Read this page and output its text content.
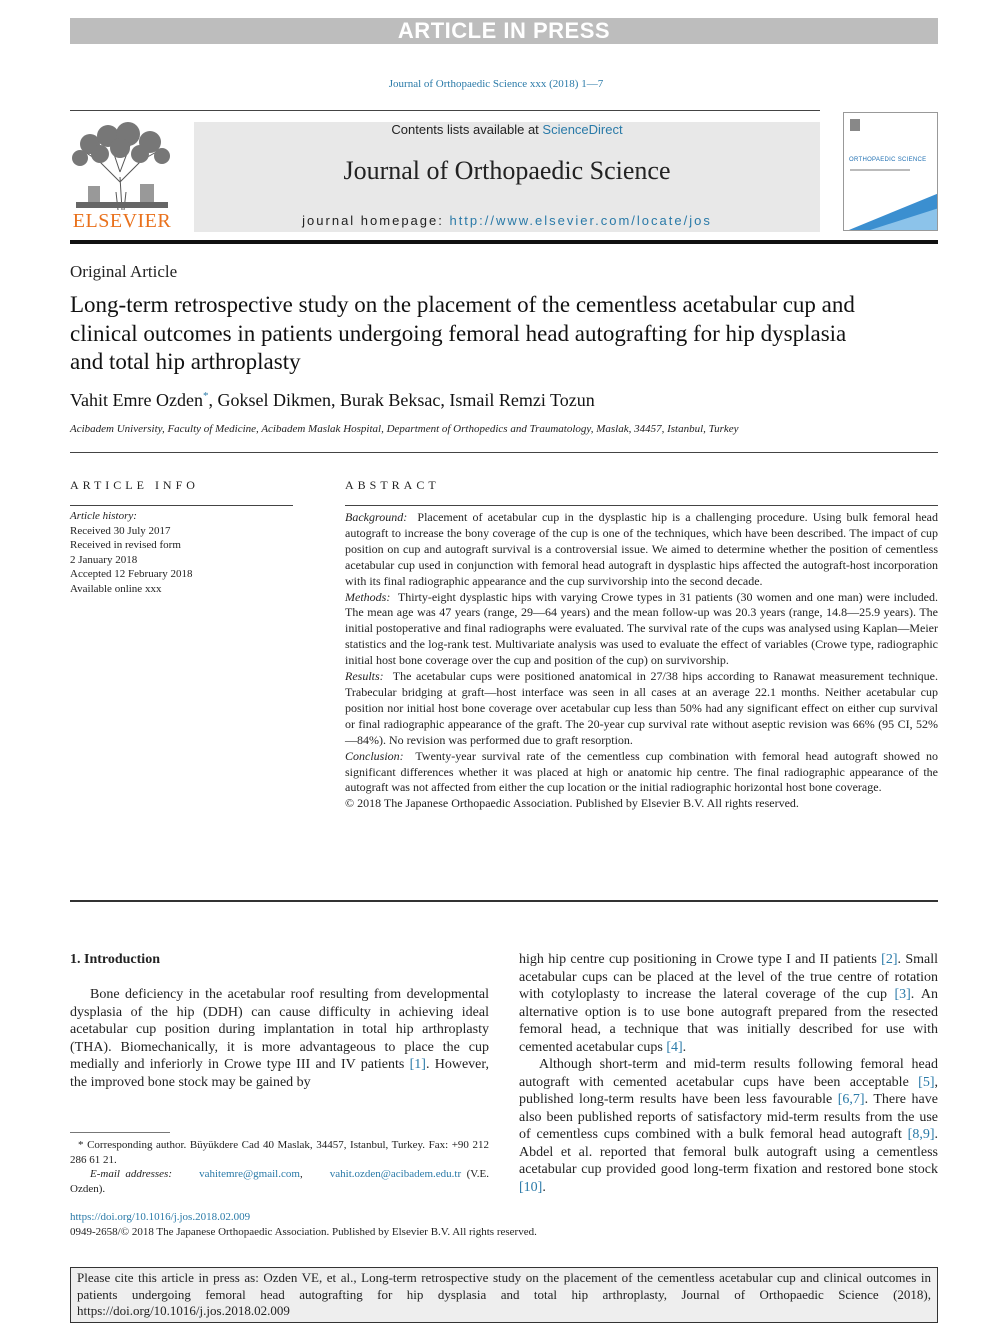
ARTICLE IN PRESS
Journal of Orthopaedic Science xxx (2018) 1—7
ELSEVIER
Contents lists available at ScienceDirect
Journal of Orthopaedic Science
journal homepage: http://www.elsevier.com/locate/jos
ORTHOPAEDIC SCIENCE
Original Article
Long-term retrospective study on the placement of the cementless acetabular cup and clinical outcomes in patients undergoing femoral head autografting for hip dysplasia and total hip arthroplasty
Vahit Emre Ozden*, Goksel Dikmen, Burak Beksac, Ismail Remzi Tozun
Acibadem University, Faculty of Medicine, Acibadem Maslak Hospital, Department of Orthopedics and Traumatology, Maslak, 34457, Istanbul, Turkey
ARTICLE INFO
Article history:
Received 30 July 2017
Received in revised form
2 January 2018
Accepted 12 February 2018
Available online xxx
ABSTRACT

Background: Placement of acetabular cup in the dysplastic hip is a challenging procedure. Using bulk femoral head autograft to increase the bony coverage of the cup is one of the techniques, which have been described. The impact of cup position on cup and autograft survival is a controversial issue. We aimed to determine whether the position of cementless acetabular cup used in conjunction with femoral head autograft in dysplastic hips affected the autograft-host incorporation with its final radiographic appearance and the cup survivorship into the second decade.

Methods: Thirty-eight dysplastic hips with varying Crowe types in 31 patients (30 women and one man) were included. The mean age was 47 years (range, 29—64 years) and the mean follow-up was 20.3 years (range, 14.8—25.9 years). The initial postoperative and final radiographs were evaluated. The survival rate of the cups was analysed using Kaplan—Meier statistics and the log-rank test. Multivariate analysis was used to evaluate the effect of variables (Crowe type, radiographic initial host bone coverage over the cup and position of the cup) on survivorship.

Results: The acetabular cups were positioned anatomical in 27/38 hips according to Ranawat measurement technique. Trabecular bridging at graft—host interface was seen in all cases at an average 22.1 months. Neither acetabular cup position nor initial host bone coverage over acetabular cup less than 50% had any significant effect on either cup survival or final radiographic appearance of the graft. The 20-year cup survival rate without aseptic revision was 66% (95 CI, 52%—84%). No revision was performed due to graft resorption.

Conclusion: Twenty-year survival rate of the cementless cup combination with femoral head autograft showed no significant differences whether it was placed at high or anatomic hip centre. The final radiographic appearance of the autograft was not affected from either the cup location or the initial radiographic horizontal host bone coverage.

© 2018 The Japanese Orthopaedic Association. Published by Elsevier B.V. All rights reserved.

1. Introduction

Bone deficiency in the acetabular roof resulting from developmental dysplasia of the hip (DDH) can cause difficulty in achieving ideal acetabular cup position during implantation in total hip arthroplasty (THA). Biomechanically, it is more advantageous to place the cup medially and inferiorly in Crowe type III and IV patients [1]. However, the improved bone stock may be gained by

* Corresponding author. Büyükdere Cad 40 Maslak, 34457, Istanbul, Turkey. Fax: +90 212 286 61 21.
E-mail addresses: vahitemre@gmail.com,     vahit.ozden@acibadem.edu.tr (V.E. Ozden).

high hip centre cup positioning in Crowe type I and II patients [2]. Small acetabular cups can be placed at the level of the true centre of rotation with cotyloplasty to increase the lateral coverage of the cup [3]. An alternative option is to use bone autograft prepared from the resected femoral head, a technique that was initially described for use with cemented acetabular cups [4].

Although short-term and mid-term results following femoral head autograft with cemented acetabular cups have been acceptable [5], published long-term results have been less favourable [6,7]. There have also been published reports of satisfactory mid-term results from the use of cementless cups combined with a bulk femoral head autograft [8,9]. Abdel et al. reported that femoral bulk autograft using a cementless acetabular cup provided good long-term fixation and restored bone stock [10].

https://doi.org/10.1016/j.jos.2018.02.009
0949-2658/© 2018 The Japanese Orthopaedic Association. Published by Elsevier B.V. All rights reserved.
Please cite this article in press as: Ozden VE, et al., Long-term retrospective study on the placement of the cementless acetabular cup and clinical outcomes in patients undergoing femoral head autografting for hip dysplasia and total hip arthroplasty, Journal of Orthopaedic Science (2018), https://doi.org/10.1016/j.jos.2018.02.009
